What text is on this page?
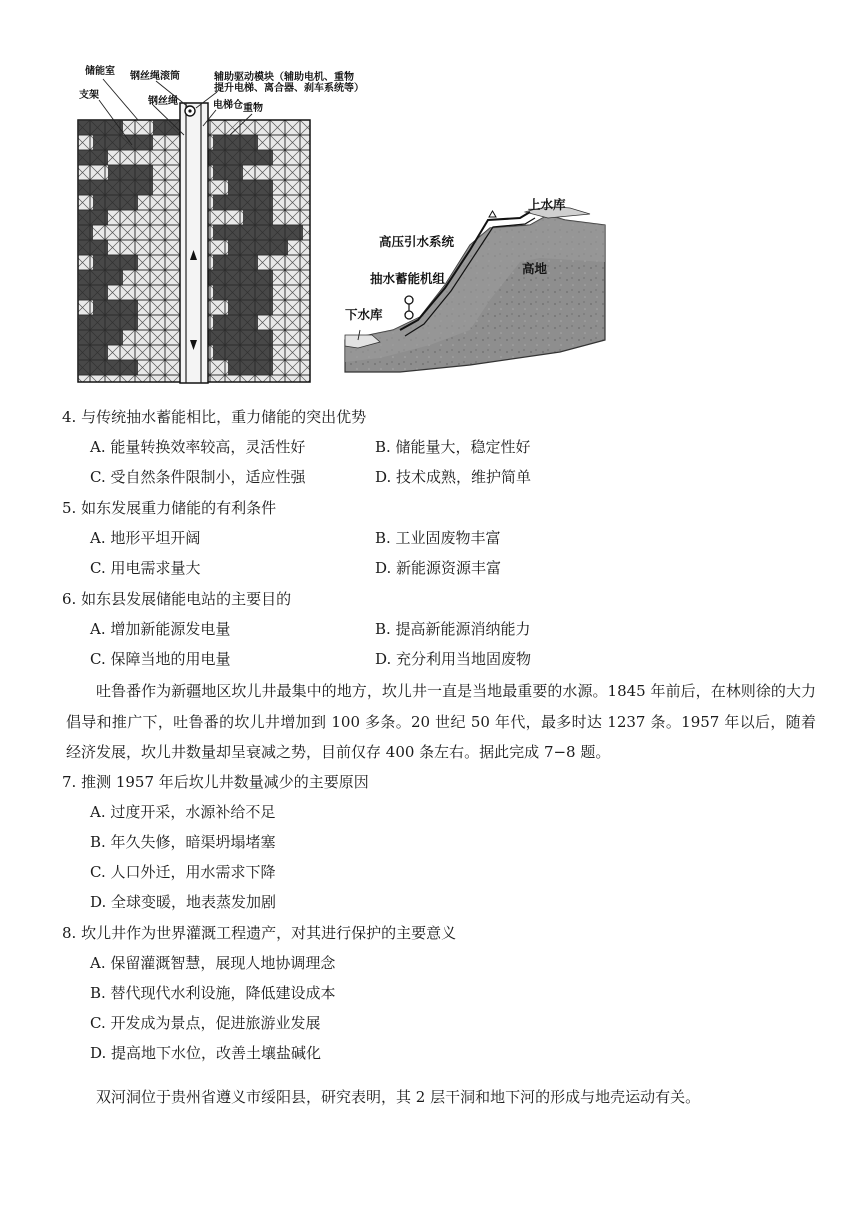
储能室 钢丝绳滚筒	辅助驱动模块（辅助电机、重物
提升电梯、离合器、刹车系统等）
支架
钢丝绳	电梯仓 重物
上水库
高压引水系统
高地
抽水蓄能机组
下水库
4. 与传统抽水蓄能相比，重力储能的突出优势
A. 能量转换效率较高，灵活性好	B. 储能量大，稳定性好
C. 受自然条件限制小，适应性强	D. 技术成熟，维护简单
5. 如东发展重力储能的有利条件
A. 地形平坦开阔	B. 工业固废物丰富
C. 用电需求量大	D. 新能源资源丰富
6. 如东县发展储能电站的主要目的
A. 增加新能源发电量	B. 提高新能源消纳能力
C. 保障当地的用电量	D. 充分利用当地固废物
吐鲁番作为新疆地区坎儿井最集中的地方，坎儿井一直是当地最重要的水源。1845 年前后，在林则徐的大力倡导和推广下，吐鲁番的坎儿井增加到 100 多条。20 世纪 50 年代，最多时达 1237 条。1957 年以后，随着经济发展，坎儿井数量却呈衰减之势，目前仅存 400 条左右。据此完成 7−8 题。
7. 推测 1957 年后坎儿井数量减少的主要原因
A. 过度开采，水源补给不足
B. 年久失修，暗渠坍塌堵塞
C. 人口外迁，用水需求下降
D. 全球变暖，地表蒸发加剧
8. 坎儿井作为世界灌溉工程遗产，对其进行保护的主要意义
A. 保留灌溉智慧，展现人地协调理念
B. 替代现代水利设施，降低建设成本
C. 开发成为景点，促进旅游业发展
D. 提高地下水位，改善土壤盐碱化
双河洞位于贵州省遵义市绥阳县，研究表明，其 2 层干洞和地下河的形成与地壳运动有关。
